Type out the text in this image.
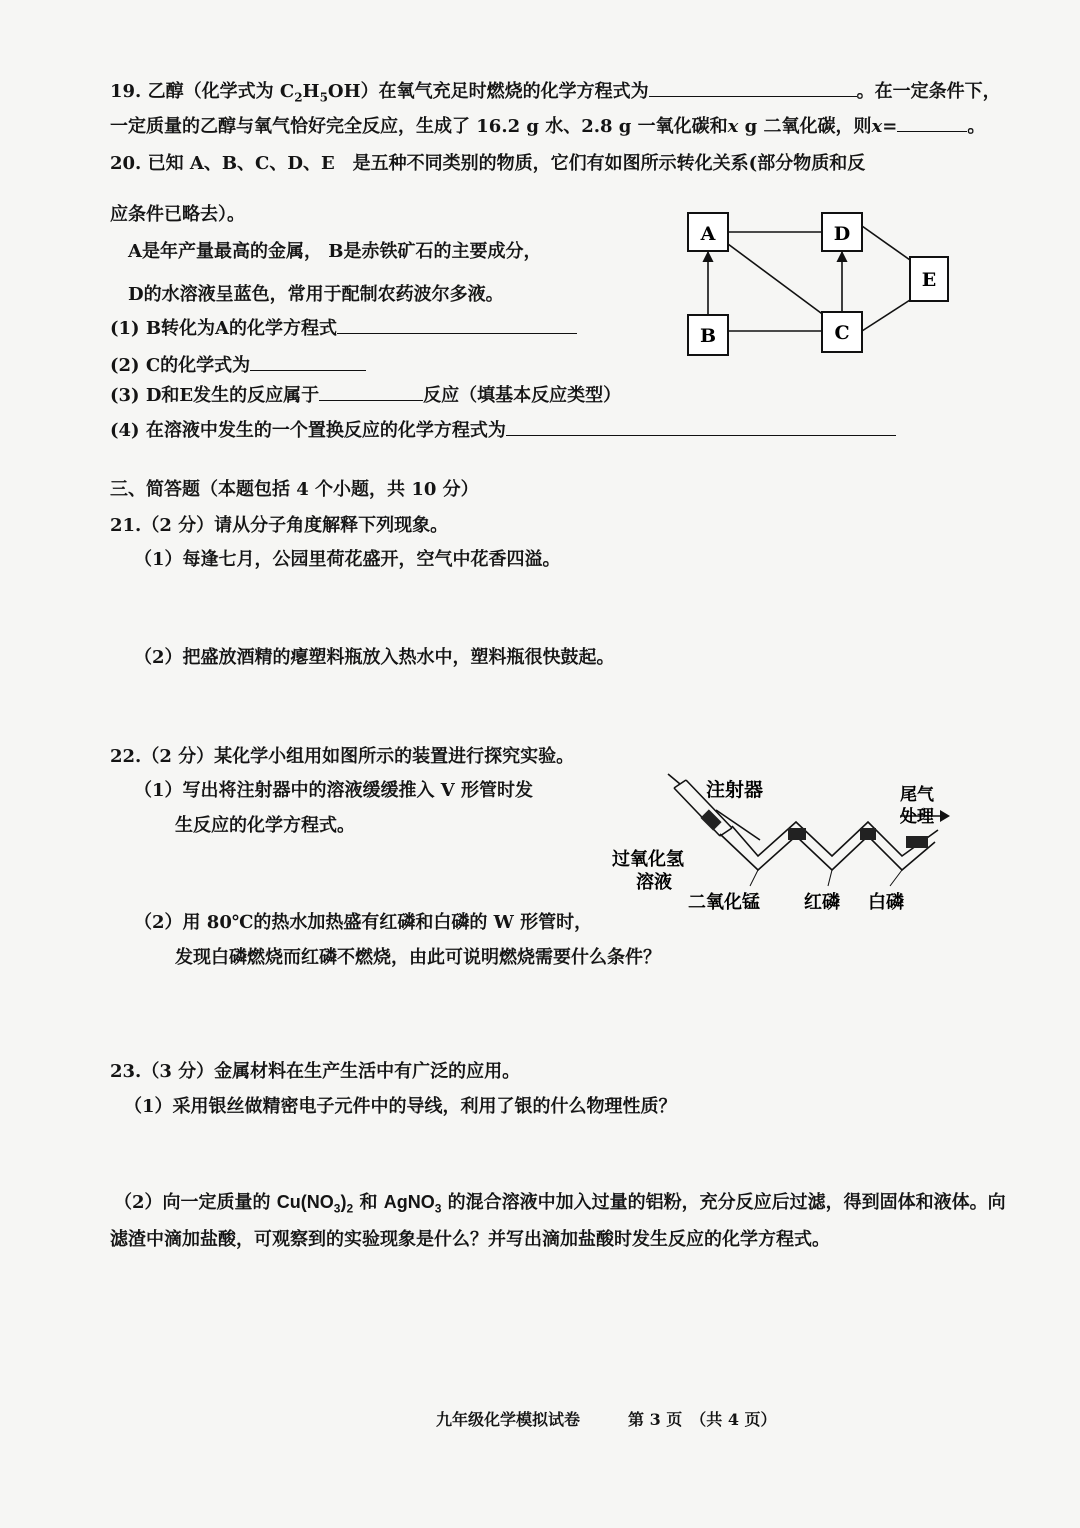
19. 乙醇（化学式为 $C_2H_5OH$）在氧气充足时燃烧的化学方程式为	。在一定条件下，
一定质量的乙醇与氧气恰好完全反应，生成了 16.2 g 水、2.8 g 一氧化碳和x g 二氧化碳，则x=	。
20. 已知 A、B、C、D、E　是五种不同类别的物质，它们有如图所示转化关系(部分物质和反
应条件已略去）。
A是年产量最高的金属， B是赤铁矿石的主要成分，
D的水溶液呈蓝色，常用于配制农药波尔多液。
(1) B转化为A的化学方程式
(2) C的化学式为
(3) D和E发生的反应属于	反应（填基本反应类型）
(4) 在溶液中发生的一个置换反应的化学方程式为
A	D
E
B	C
三、简答题（本题包括 4 个小题，共 10 分）
21.（2 分）请从分子角度解释下列现象。
（1）每逢七月，公园里荷花盛开，空气中花香四溢。
（2）把盛放酒精的瘪塑料瓶放入热水中，塑料瓶很快鼓起。
22.（2 分）某化学小组用如图所示的装置进行探究实验。
（1）写出将注射器中的溶液缓缓推入 V 形管时发
生反应的化学方程式。
（2）用 80℃的热水加热盛有红磷和白磷的 W 形管时，
发现白磷燃烧而红磷不燃烧，由此可说明燃烧需要什么条件？
注射器	尾气
处理
过氧化氢
溶液
二氧化锰 红磷 白磷
23.（3 分）金属材料在生产生活中有广泛的应用。
（1）采用银丝做精密电子元件中的导线，利用了银的什么物理性质？
（2）向一定质量的 $Cu(NO_3)_2$ 和 AgNO$_3$ 的混合溶液中加入过量的铝粉，充分反应后过滤，得到固体和液体。向
滤渣中滴加盐酸，可观察到的实验现象是什么？并写出滴加盐酸时发生反应的化学方程式。
九年级化学模拟试卷	第 3 页　（共 4 页）
